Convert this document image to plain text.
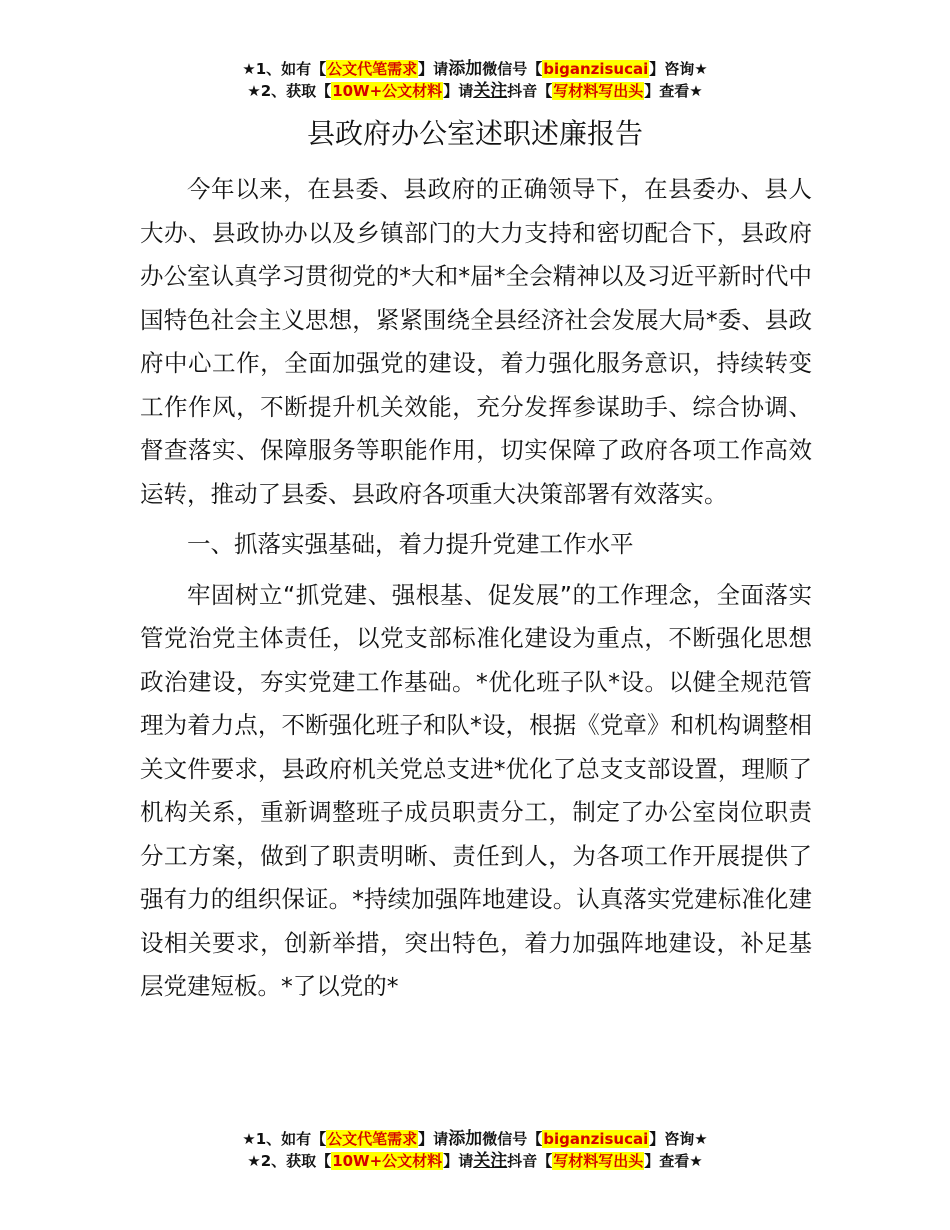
★1、如有【公文代笔需求】请添加微信号【biganzisucai】咨询★
★2、获取【10W+公文材料】请关注抖音【写材料写出头】查看★
县政府办公室述职述廉报告

今年以来，在县委、县政府的正确领导下，在县委办、县人大办、县政协办以及乡镇部门的大力支持和密切配合下，县政府办公室认真学习贯彻党的*大和*届*全会精神以及习近平新时代中国特色社会主义思想，紧紧围绕全县经济社会发展大局*委、县政府中心工作，全面加强党的建设，着力强化服务意识，持续转变工作作风，不断提升机关效能，充分发挥参谋助手、综合协调、督查落实、保障服务等职能作用，切实保障了政府各项工作高效运转，推动了县委、县政府各项重大决策部署有效落实。

一、抓落实强基础，着力提升党建工作水平

牢固树立“抓党建、强根基、促发展”的工作理念，全面落实管党治党主体责任，以党支部标准化建设为重点，不断强化思想政治建设，夯实党建工作基础。*优化班子队*设。以健全规范管理为着力点，不断强化班子和队*设，根据《党章》和机构调整相关文件要求，县政府机关党总支进*优化了总支支部设置，理顺了机构关系，重新调整班子成员职责分工，制定了办公室岗位职责分工方案，做到了职责明晰、责任到人，为各项工作开展提供了强有力的组织保证。*持续加强阵地建设。认真落实党建标准化建设相关要求，创新举措，突出特色，着力加强阵地建设，补足基层党建短板。*了以党的*

★1、如有【公文代笔需求】请添加微信号【biganzisucai】咨询★
★2、获取【10W+公文材料】请关注抖音【写材料写出头】查看★
